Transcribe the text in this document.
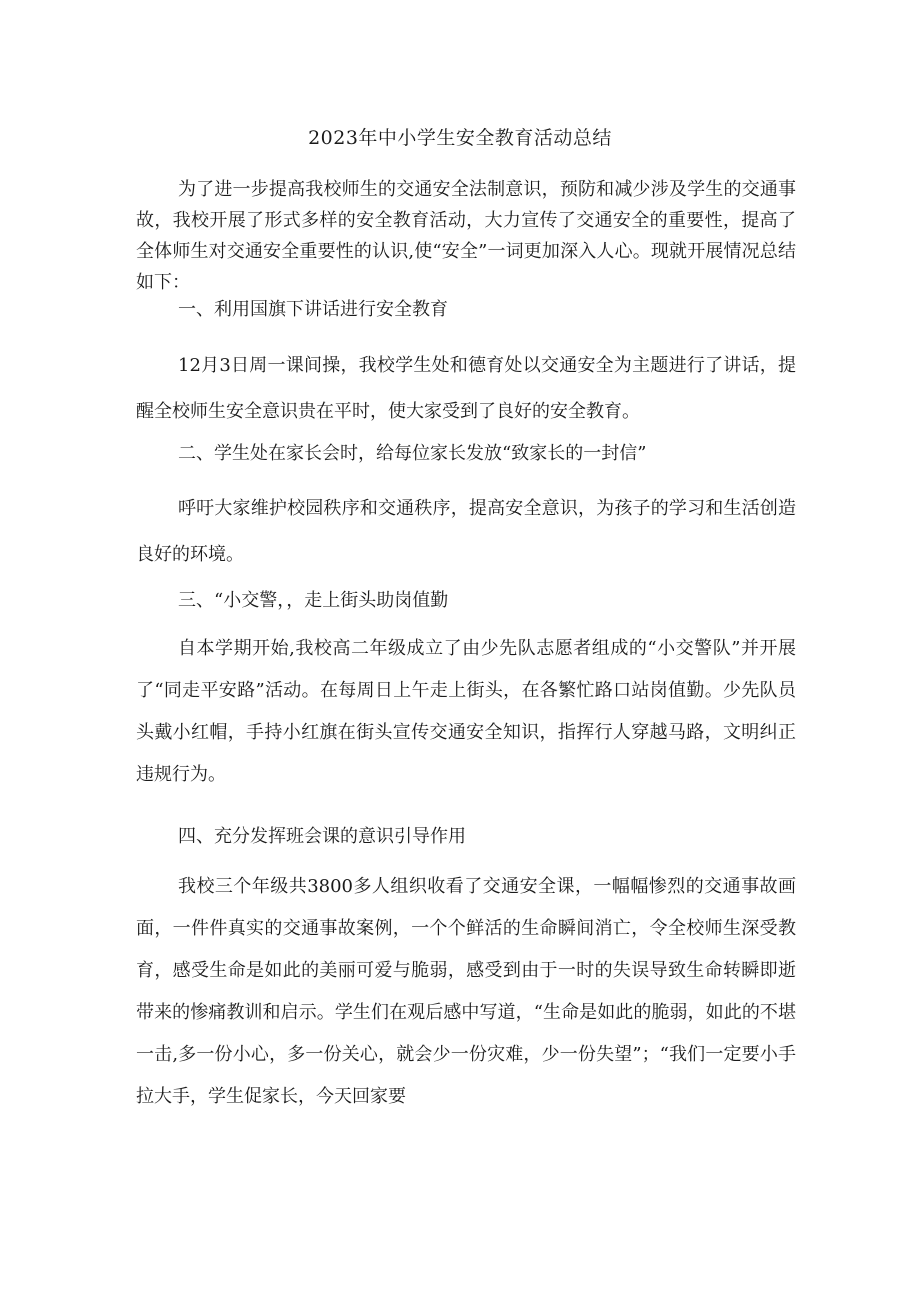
2023年中小学生安全教育活动总结

为了进一步提高我校师生的交通安全法制意识，预防和减少涉及学生的交通事故，我校开展了形式多样的安全教育活动，大力宣传了交通安全的重要性，提高了全体师生对交通安全重要性的认识,使“安全”一词更加深入人心。现就开展情况总结如下：

一、利用国旗下讲话进行安全教育

12月3日周一课间操，我校学生处和德育处以交通安全为主题进行了讲话，提醒全校师生安全意识贵在平时，使大家受到了良好的安全教育。

二、学生处在家长会时，给每位家长发放“致家长的一封信”

呼吁大家维护校园秩序和交通秩序，提高安全意识，为孩子的学习和生活创造良好的环境。

三、“小交警，，走上街头助岗值勤

自本学期开始,我校高二年级成立了由少先队志愿者组成的“小交警队”并开展了“同走平安路”活动。在每周日上午走上街头，在各繁忙路口站岗值勤。少先队员头戴小红帽，手持小红旗在街头宣传交通安全知识，指挥行人穿越马路，文明纠正违规行为。

四、充分发挥班会课的意识引导作用

我校三个年级共3800多人组织收看了交通安全课，一幅幅惨烈的交通事故画面，一件件真实的交通事故案例，一个个鲜活的生命瞬间消亡，令全校师生深受教育，感受生命是如此的美丽可爱与脆弱，感受到由于一时的失误导致生命转瞬即逝带来的惨痛教训和启示。学生们在观后感中写道，“生命是如此的脆弱，如此的不堪一击,多一份小心，多一份关心，就会少一份灾难，少一份失望”；“我们一定要小手拉大手，学生促家长，今天回家要
